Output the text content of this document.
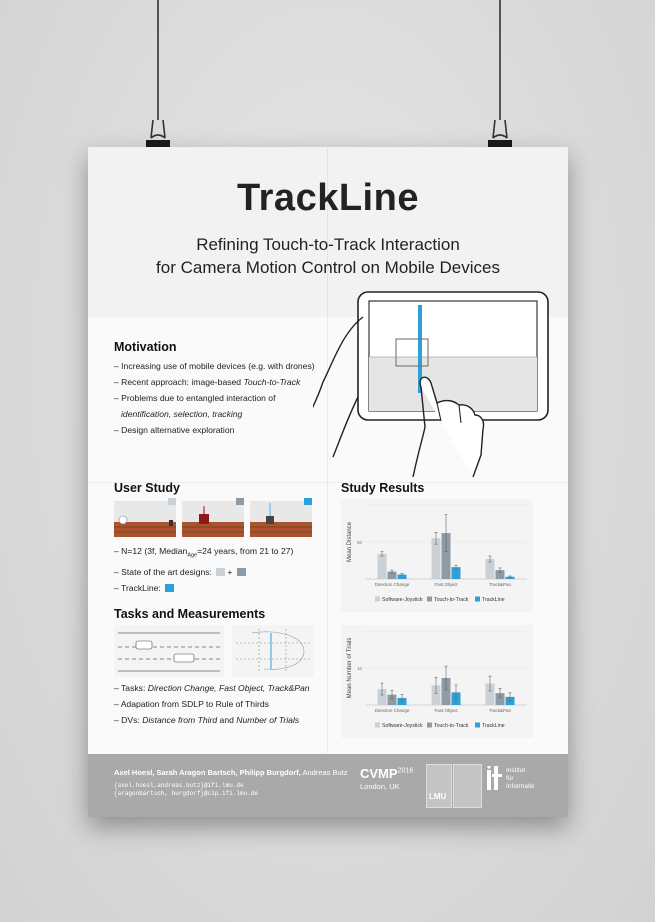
TrackLine
Refining Touch-to-Track Interaction
for Camera Motion Control on Mobile Devices
Motivation
– Increasing use of mobile devices (e.g. with drones)
– Recent approach: image-based Touch-to-Track
– Problems due to entangled interaction of
identification, selection, tracking
– Design alternative exploration
User Study
– N=12 (3f, Median$_{Age}$=24 years, from 21 to 27)
– State of the art designs: +
– TrackLine:
Tasks and Measurements
– Tasks: Direction Change, Fast Object, Track&Pan
– Adapation from SDLP to Rule of Thirds
– DVs: Distance from Third and Number of Trials
Study Results
50
Mean Distance
Direction Change	Fast Object	Track&Pan
Software-Joystick Touch-to-Track	TrackLine
10
Mean Number of Trials
Direction Change	Fast Object	Track&Pan
Software-Joystick Touch-to-Track	TrackLine
Axel Hoesl, Sarah Aragon Bartsch, Philipp Burgdorf, Andreas Butz
{axel.hoesl,andreas.butz}@ifi.lmu.de
{aragonbartsch, burgdorf}@cip.ifi.lmu.de
$CVMP^{2016}$
London, UK
LMU
Institut
für
Informatik
